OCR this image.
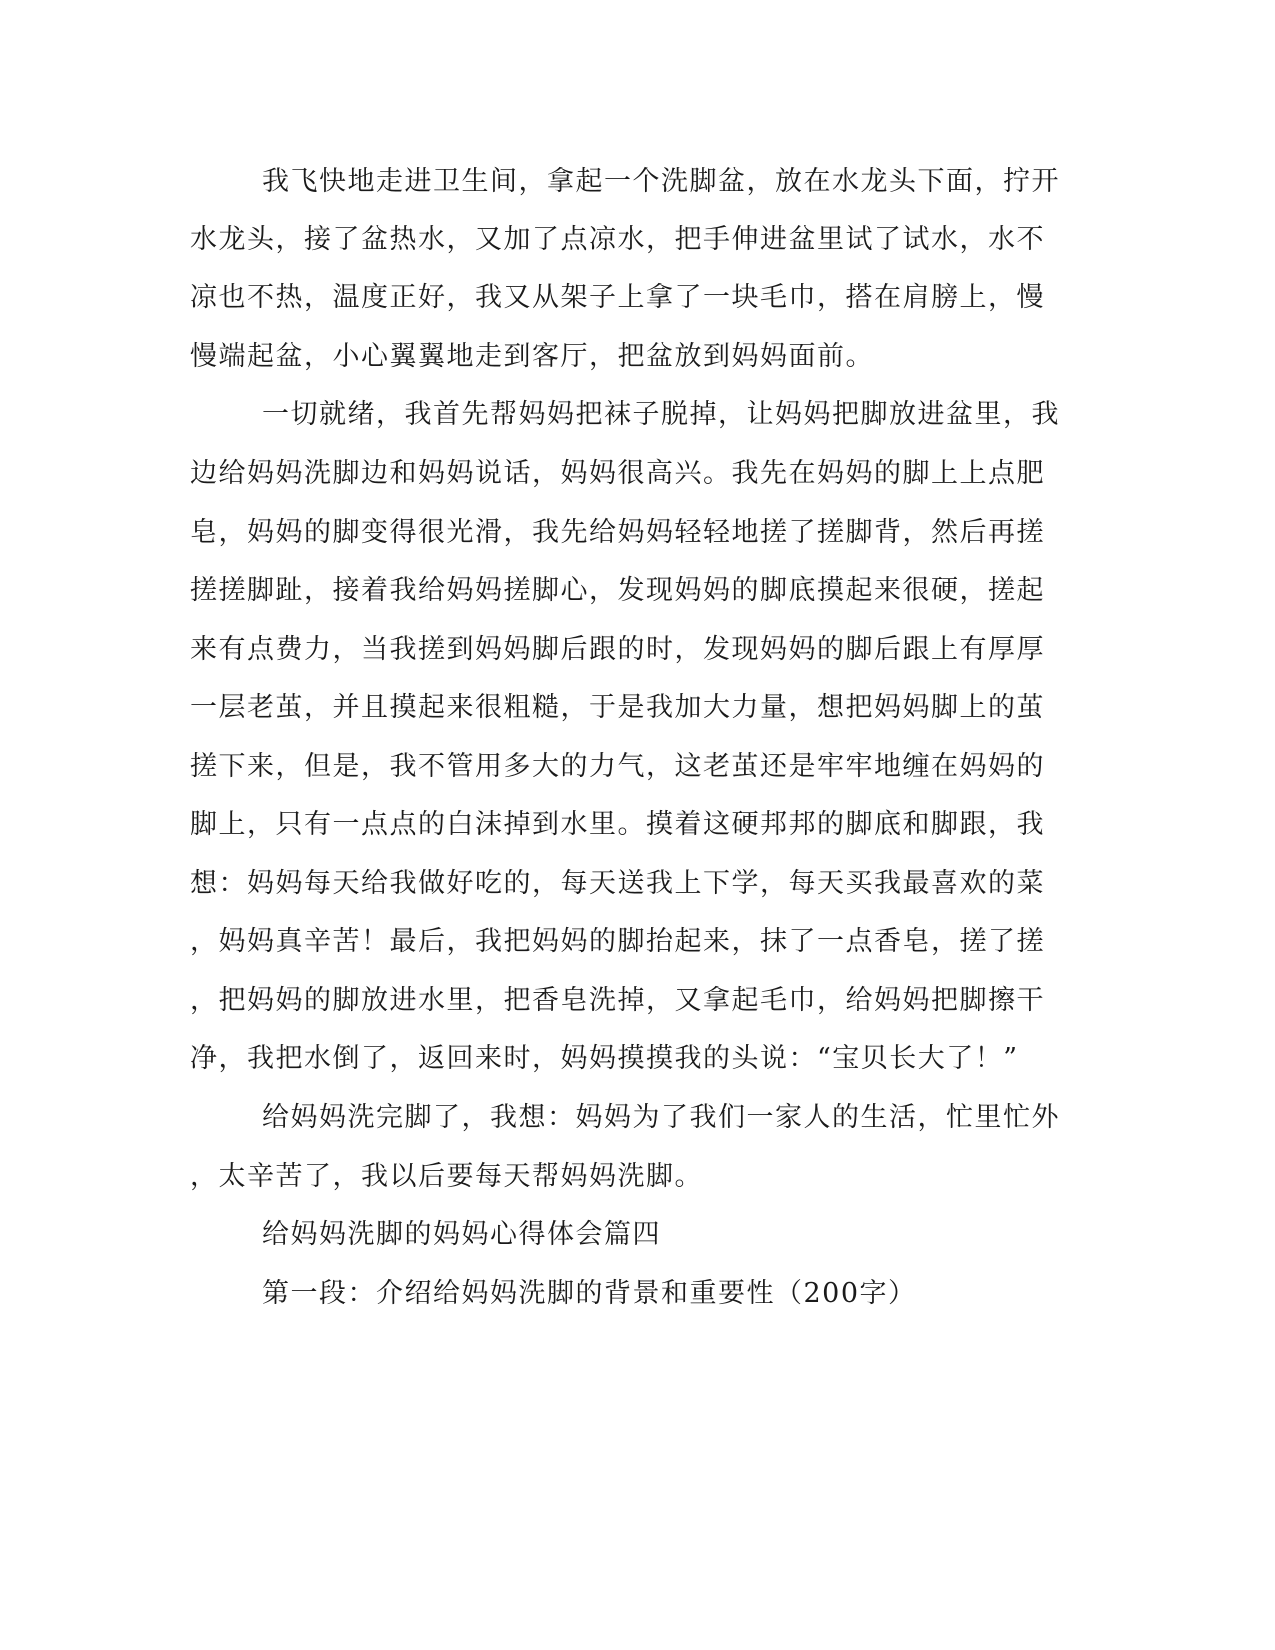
我飞快地走进卫生间，拿起一个洗脚盆，放在水龙头下面，拧开
水龙头，接了盆热水，又加了点凉水，把手伸进盆里试了试水，水不
凉也不热，温度正好，我又从架子上拿了一块毛巾，搭在肩膀上，慢
慢端起盆，小心翼翼地走到客厅，把盆放到妈妈面前。
一切就绪，我首先帮妈妈把袜子脱掉，让妈妈把脚放进盆里，我
边给妈妈洗脚边和妈妈说话，妈妈很高兴。我先在妈妈的脚上上点肥
皂，妈妈的脚变得很光滑，我先给妈妈轻轻地搓了搓脚背，然后再搓
搓搓脚趾，接着我给妈妈搓脚心，发现妈妈的脚底摸起来很硬，搓起
来有点费力，当我搓到妈妈脚后跟的时，发现妈妈的脚后跟上有厚厚
一层老茧，并且摸起来很粗糙，于是我加大力量，想把妈妈脚上的茧
搓下来，但是，我不管用多大的力气，这老茧还是牢牢地缠在妈妈的
脚上，只有一点点的白沫掉到水里。摸着这硬邦邦的脚底和脚跟，我
想：妈妈每天给我做好吃的，每天送我上下学，每天买我最喜欢的菜
，妈妈真辛苦！最后，我把妈妈的脚抬起来，抹了一点香皂，搓了搓
，把妈妈的脚放进水里，把香皂洗掉，又拿起毛巾，给妈妈把脚擦干
净，我把水倒了，返回来时，妈妈摸摸我的头说：“宝贝长大了！”
给妈妈洗完脚了，我想：妈妈为了我们一家人的生活，忙里忙外
，太辛苦了，我以后要每天帮妈妈洗脚。
给妈妈洗脚的妈妈心得体会篇四
第一段：介绍给妈妈洗脚的背景和重要性（200字）
